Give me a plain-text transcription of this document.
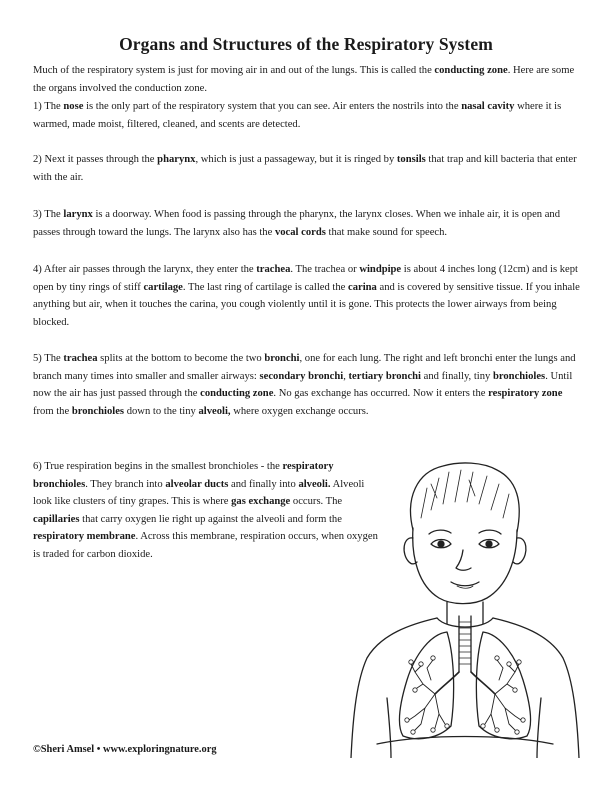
Organs and Structures of the Respiratory System

Much of the respiratory system is just for moving air in and out of the lungs. This is called the conducting zone. Here are some the organs involved the conduction zone.

1) The nose is the only part of the respiratory system that you can see. Air enters the nostrils into the nasal cavity where it is warmed, made moist, filtered, cleaned, and scents are detected.

2) Next it passes through the pharynx, which is just a passageway, but it is ringed by tonsils that trap and kill bacteria that enter with the air.

3) The larynx is a doorway. When food is passing through the pharynx, the larynx closes. When we inhale air, it is open and passes through toward the lungs. The larynx also has the vocal cords that make sound for speech.

4) After air passes through the larynx, they enter the trachea. The trachea or windpipe is about 4 inches long (12cm) and is kept open by tiny rings of stiff cartilage. The last ring of cartilage is called the carina and is covered by sensitive tissue. If you inhale anything but air, when it touches the carina, you cough violently until it is gone. This protects the lower airways from being blocked.

5) The trachea splits at the bottom to become the two bronchi, one for each lung. The right and left bronchi enter the lungs and branch many times into smaller and smaller airways: secondary bronchi, tertiary bronchi and finally, tiny bronchioles. Until now the air has just passed through the conducting zone. No gas exchange has occurred. Now it enters the respiratory zone from the bronchioles down to the tiny alveoli, where oxygen exchange occurs.

6) True respiration begins in the smallest bronchioles - the respiratory bronchioles. They branch into alveolar ducts and finally into alveoli. Alveoli look like clusters of tiny grapes. This is where gas exchange occurs. The capillaries that carry oxygen lie right up against the alveoli and form the respiratory membrane. Across this membrane, respiration occurs, when oxygen is traded for carbon dioxide.

©Sheri Amsel • www.exploringnature.org
